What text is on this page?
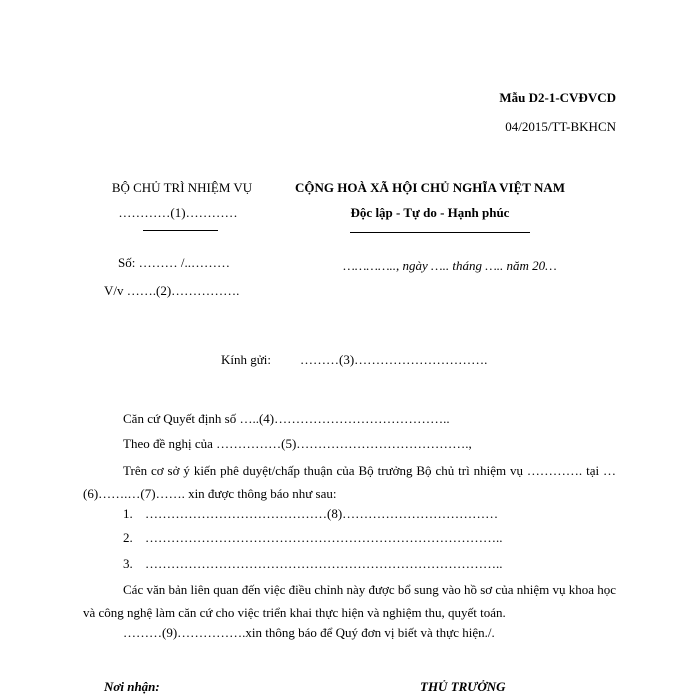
Mẫu D2-1-CVĐVCD
04/2015/TT-BKHCN
BỘ CHỦ TRÌ NHIỆM VỤ
…………(1)…………
Số: ……… /..………
V/v …….(2)…………….
CỘNG HOÀ XÃ HỘI CHỦ NGHĨA VIỆT NAM
Độc lập - Tự do - Hạnh phúc
………….., ngày ….. tháng ….. năm 20…
Kính gửi: ………(3)………………………….
Căn cứ Quyết định số …..(4)…………………………………..
Theo đề nghị của ……………(5)………………………………….,
Trên cơ sở ý kiến phê duyệt/chấp thuận của Bộ trưởng Bộ chủ trì nhiệm vụ …………. tại …(6)…….…(7)……. xin được thông báo như sau:
1. ……………………………………(8)………………………………
2. ………………………………………………………………………..
3. ………………………………………………………………………..
Các văn bản liên quan đến việc điều chỉnh này được bổ sung vào hồ sơ của nhiệm vụ khoa học và công nghệ làm căn cứ cho việc triển khai thực hiện và nghiệm thu, quyết toán.
………(9)…………….xin thông báo để Quý đơn vị biết và thực hiện./.
Nơi nhận:	THỦ TRƯỞNG
